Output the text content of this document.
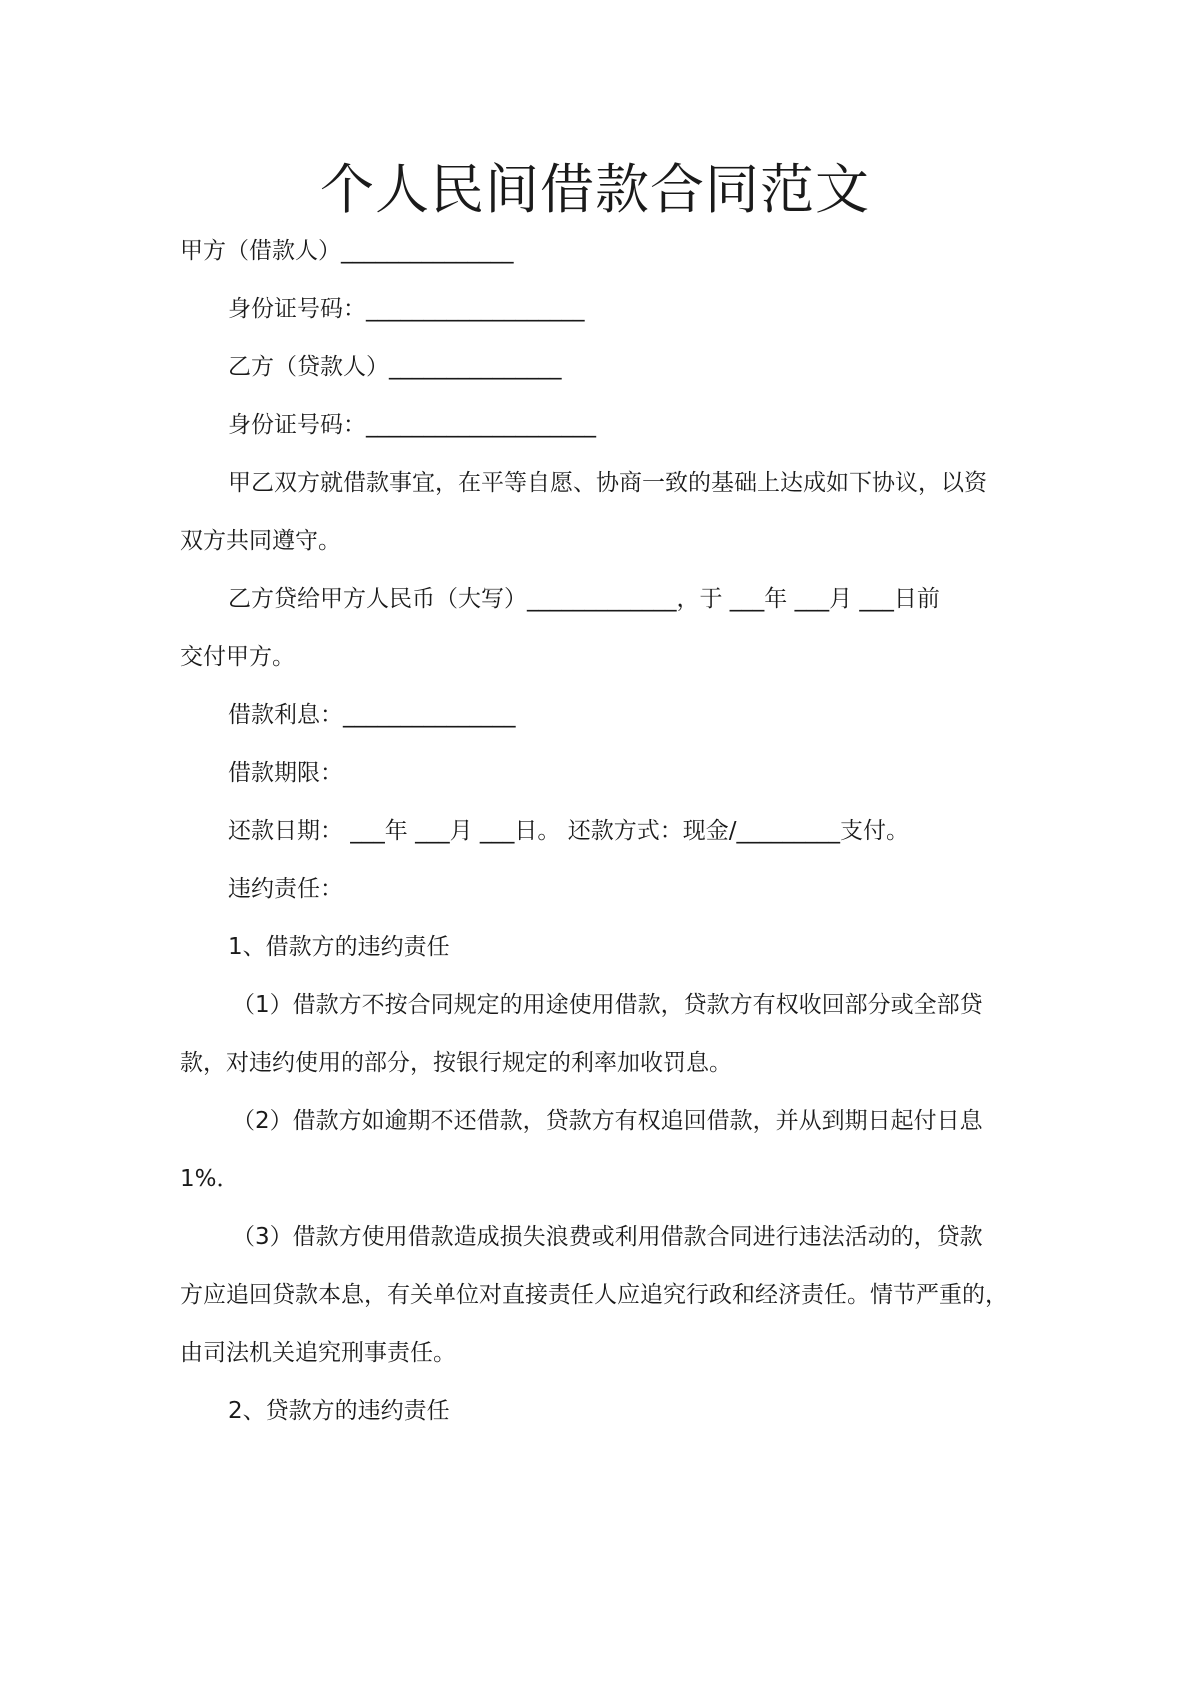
个人民间借款合同范文

甲方（借款人）_______________

身份证号码：___________________

乙方（贷款人）_______________

身份证号码：____________________

甲乙双方就借款事宜，在平等自愿、协商一致的基础上达成如下协议，以资

双方共同遵守。

乙方贷给甲方人民币（大写）_____________，于 ___年 ___月 ___日前

交付甲方。

借款利息：_______________

借款期限：

还款日期： ___年 ___月 ___日。 还款方式：现金/_________支付。

违约责任：

1、借款方的违约责任

（1）借款方不按合同规定的用途使用借款，贷款方有权收回部分或全部贷

款，对违约使用的部分，按银行规定的利率加收罚息。

（2）借款方如逾期不还借款，贷款方有权追回借款，并从到期日起付日息

1%．

（3）借款方使用借款造成损失浪费或利用借款合同进行违法活动的，贷款

方应追回贷款本息，有关单位对直接责任人应追究行政和经济责任。情节严重的，

由司法机关追究刑事责任。

2、贷款方的违约责任
